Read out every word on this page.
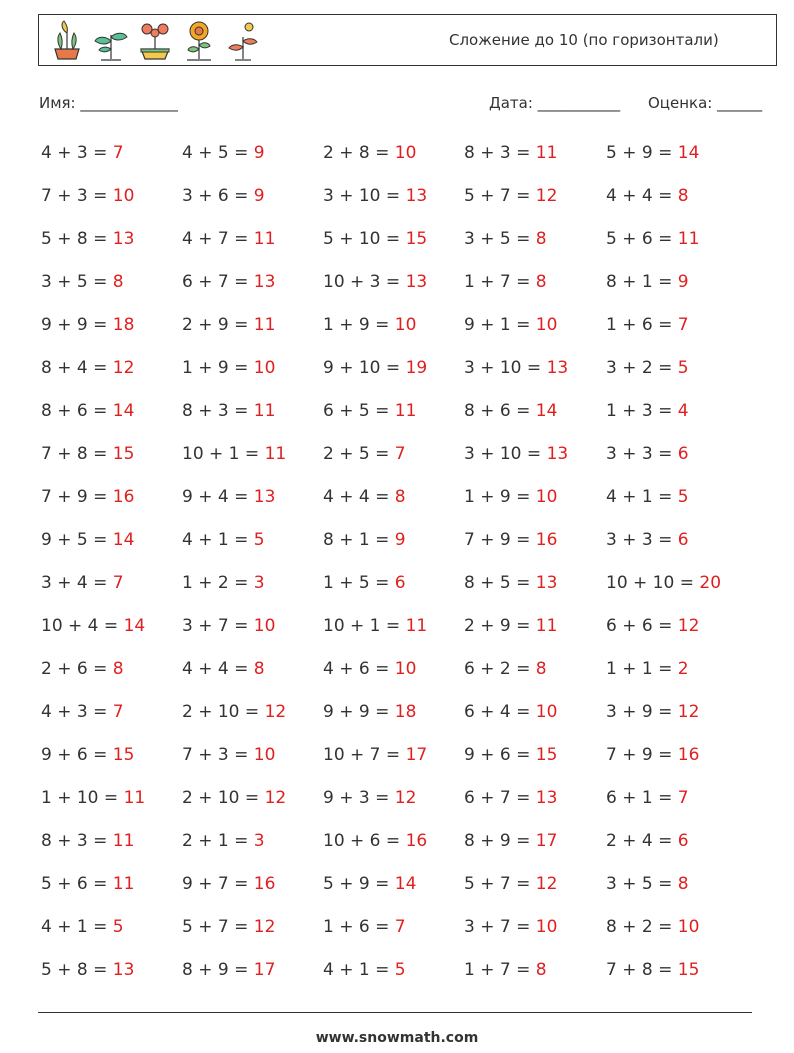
Сложение до 10 (по горизонтали)
Имя: _____________	Дата: ___________ Оценка: ______
4 + 3 = 7	4 + 5 = 9	2 + 8 = 10	8 + 3 = 11	5 + 9 = 14
7 + 3 = 10	3 + 6 = 9	3 + 10 = 13 5 + 7 = 12	4 + 4 = 8
5 + 8 = 13	4 + 7 = 11	5 + 10 = 15 3 + 5 = 8	5 + 6 = 11
3 + 5 = 8	6 + 7 = 13	10 + 3 = 13 1 + 7 = 8	8 + 1 = 9
9 + 9 = 18	2 + 9 = 11	1 + 9 = 10	9 + 1 = 10	1 + 6 = 7
8 + 4 = 12	1 + 9 = 10	9 + 10 = 19 3 + 10 = 13 3 + 2 = 5
8 + 6 = 14	8 + 3 = 11	6 + 5 = 11	8 + 6 = 14	1 + 3 = 4
7 + 8 = 15	10 + 1 = 11 2 + 5 = 7	3 + 10 = 13 3 + 3 = 6
7 + 9 = 16	9 + 4 = 13	4 + 4 = 8	1 + 9 = 10	4 + 1 = 5
9 + 5 = 14	4 + 1 = 5	8 + 1 = 9	7 + 9 = 16	3 + 3 = 6
3 + 4 = 7	1 + 2 = 3	1 + 5 = 6	8 + 5 = 13	10 + 10 = 20
10 + 4 = 14 3 + 7 = 10	10 + 1 = 11 2 + 9 = 11	6 + 6 = 12
2 + 6 = 8	4 + 4 = 8	4 + 6 = 10	6 + 2 = 8	1 + 1 = 2
4 + 3 = 7	2 + 10 = 12 9 + 9 = 18	6 + 4 = 10	3 + 9 = 12
9 + 6 = 15	7 + 3 = 10	10 + 7 = 17 9 + 6 = 15	7 + 9 = 16
1 + 10 = 11 2 + 10 = 12 9 + 3 = 12	6 + 7 = 13	6 + 1 = 7
8 + 3 = 11	2 + 1 = 3	10 + 6 = 16 8 + 9 = 17	2 + 4 = 6
5 + 6 = 11	9 + 7 = 16	5 + 9 = 14	5 + 7 = 12	3 + 5 = 8
4 + 1 = 5	5 + 7 = 12	1 + 6 = 7	3 + 7 = 10	8 + 2 = 10
5 + 8 = 13	8 + 9 = 17	4 + 1 = 5	1 + 7 = 8	7 + 8 = 15
www.snowmath.com
